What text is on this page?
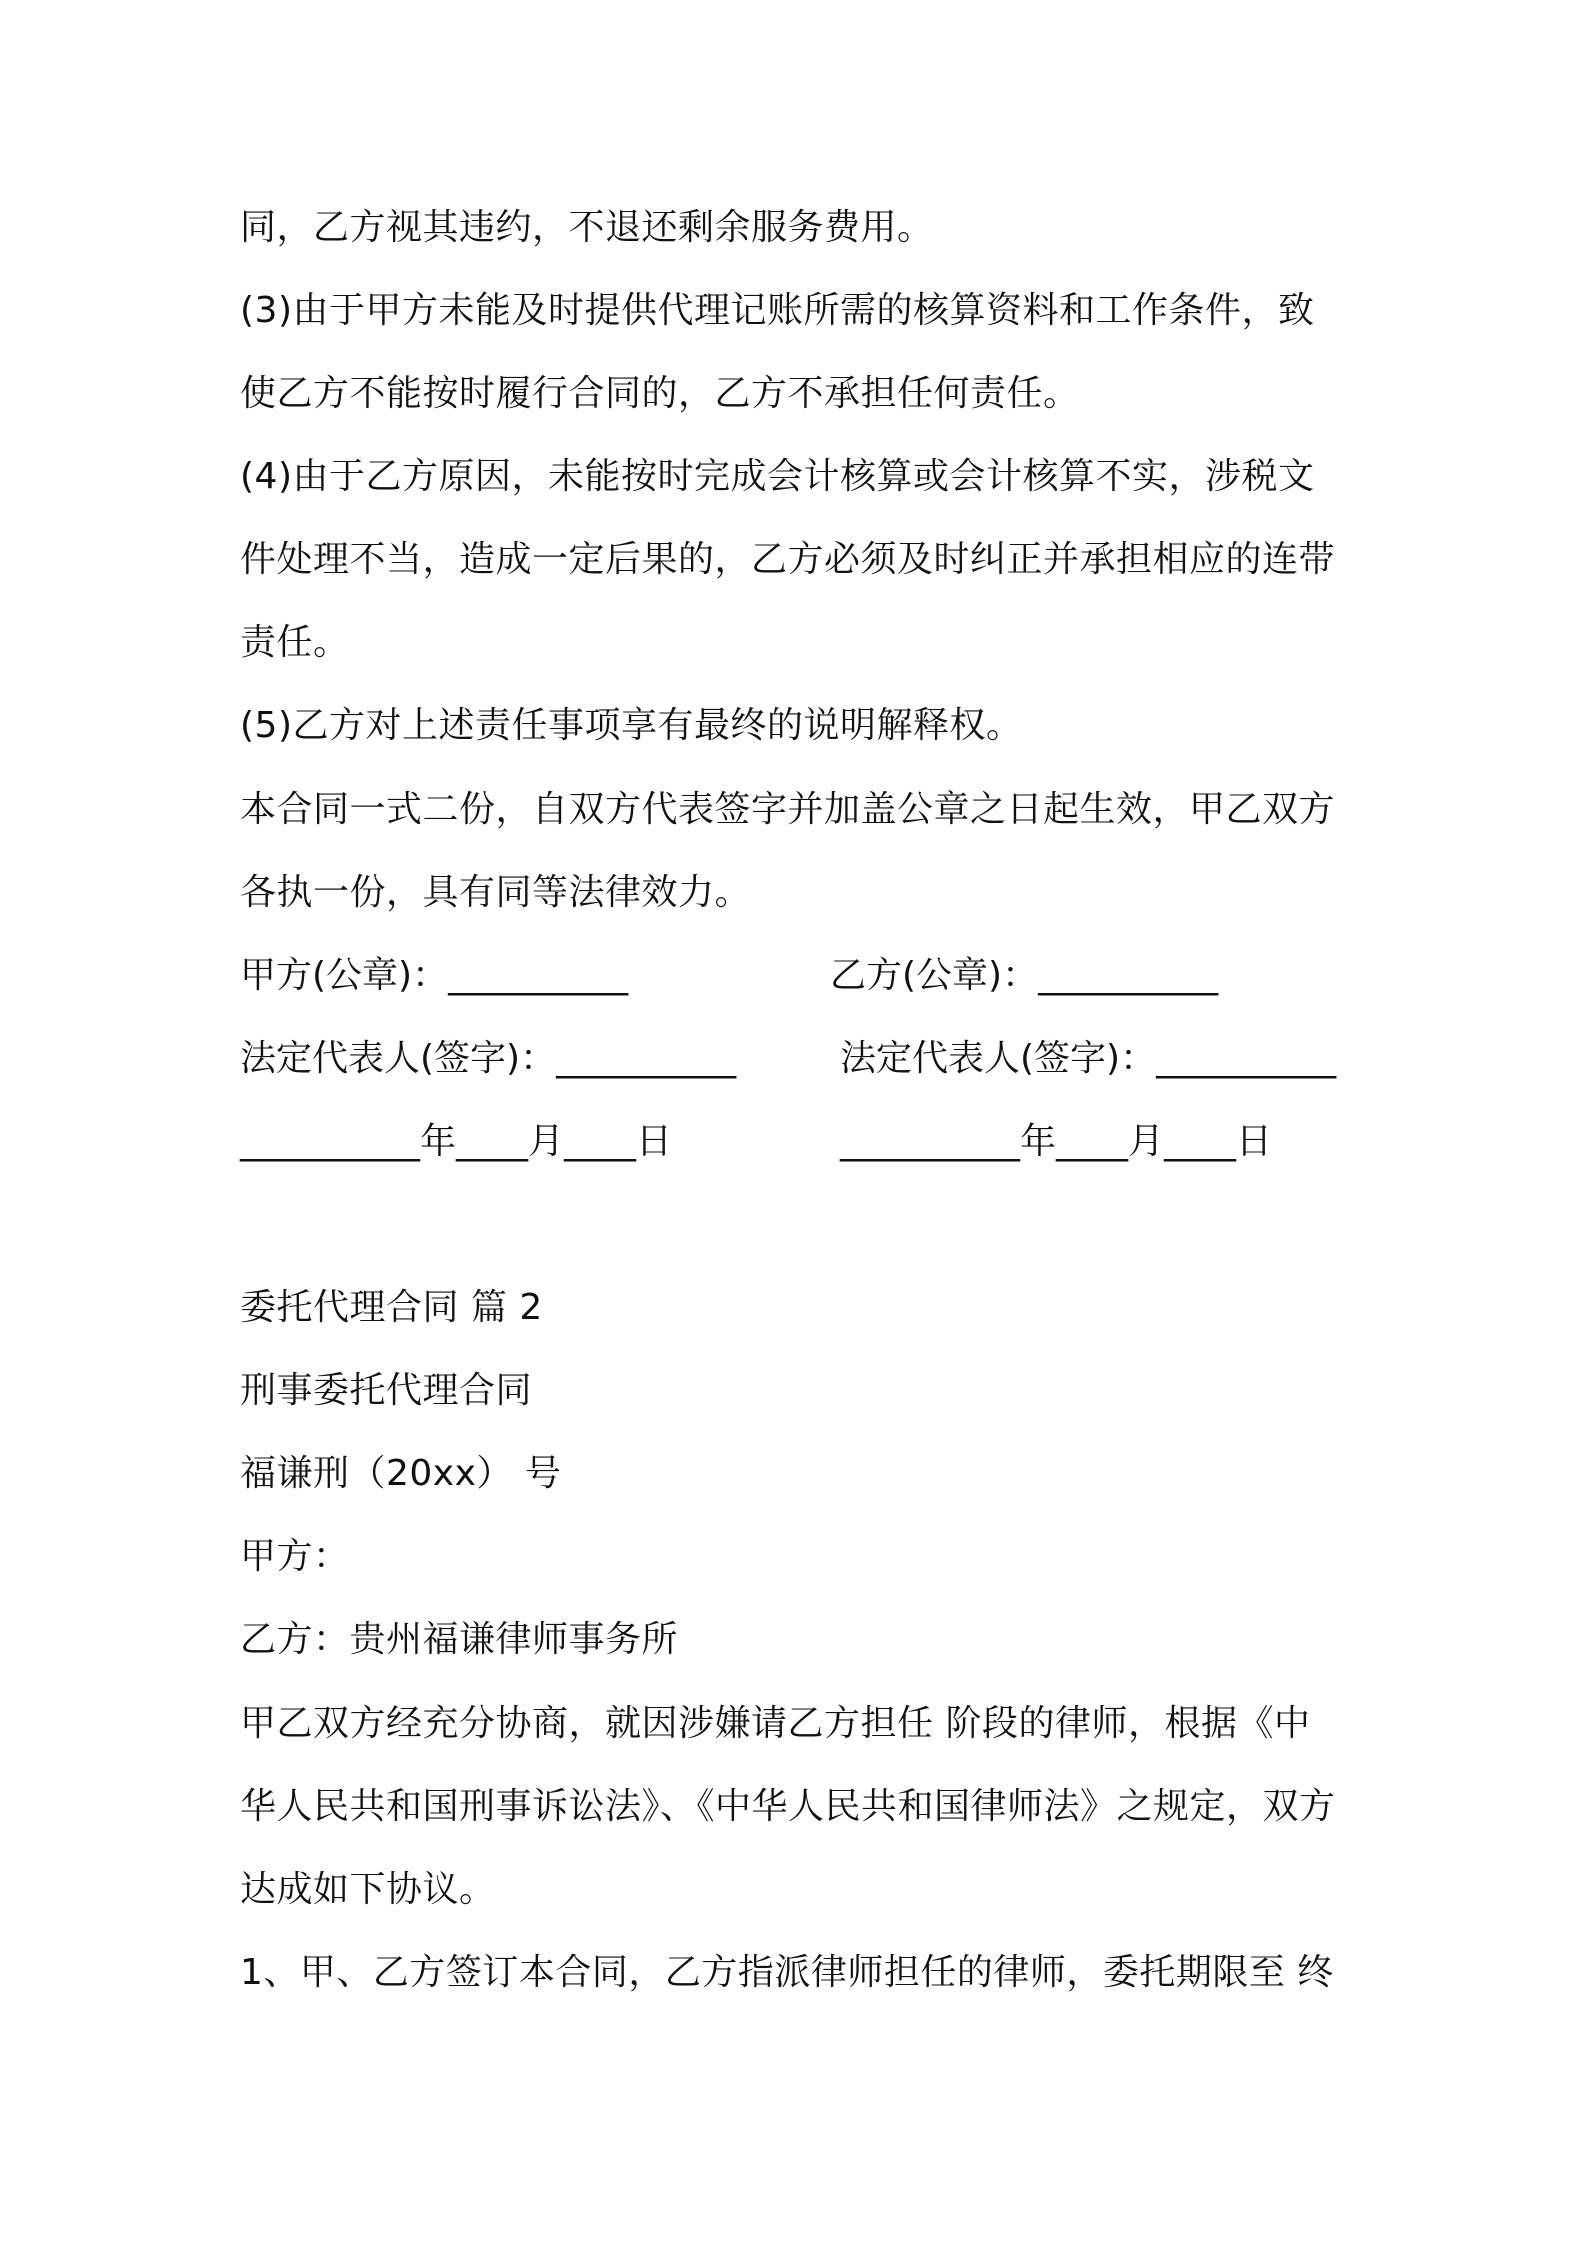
同，乙方视其违约，不退还剩余服务费用。
(3)由于甲方未能及时提供代理记账所需的核算资料和工作条件，致
使乙方不能按时履行合同的，乙方不承担任何责任。
(4)由于乙方原因，未能按时完成会计核算或会计核算不实，涉税文
件处理不当，造成一定后果的，乙方必须及时纠正并承担相应的连带
责任。
(5)乙方对上述责任事项享有最终的说明解释权。
本合同一式二份，自双方代表签字并加盖公章之日起生效，甲乙双方
各执一份，具有同等法律效力。
甲方(公章)：__________	乙方(公章)：__________
法定代表人(签字)：__________	法定代表人(签字)：__________
__________年____月____日	__________年____月____日
委托代理合同 篇 2
刑事委托代理合同
福谦刑（20xx） 号
甲方：
乙方：贵州福谦律师事务所
甲乙双方经充分协商，就因涉嫌请乙方担任 阶段的律师，根据《中
华人民共和国刑事诉讼法》、《中华人民共和国律师法》之规定，双方
达成如下协议。
1、甲、乙方签订本合同，乙方指派律师担任的律师，委托期限至 终
